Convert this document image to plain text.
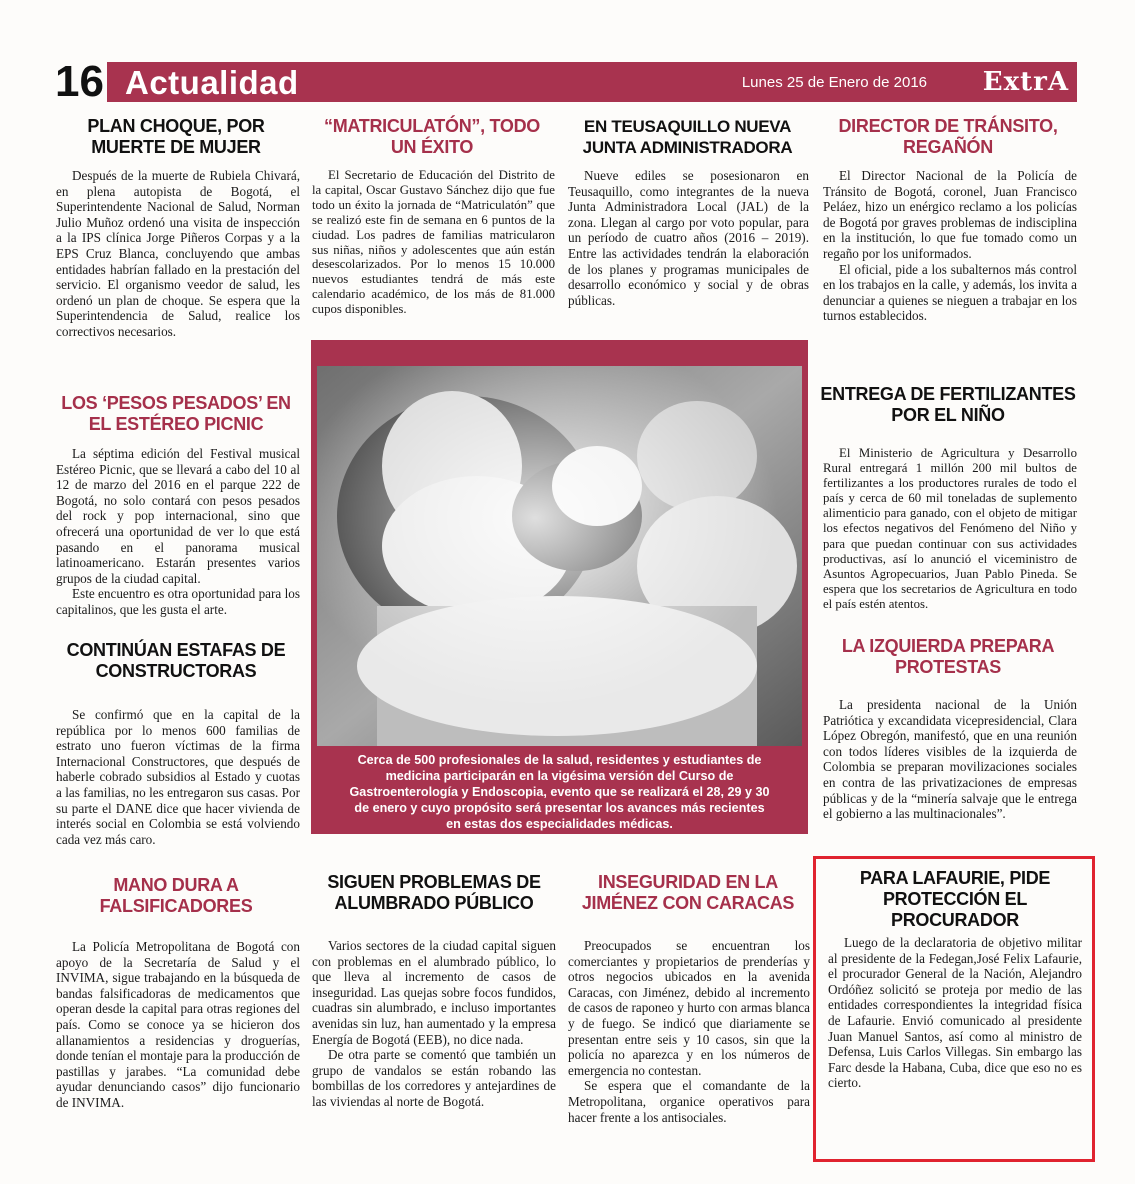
16 Actualidad	Lunes 25 de Enero de 2016 ExtrA
PLAN CHOQUE, POR MUERTE DE MUJER

Después de la muerte de Rubiela Chivará, en plena autopista de Bogotá, el Superintendente Nacional de Salud, Norman Julio Muñoz ordenó una visita de inspección a la IPS clínica Jorge Piñeros Corpas y a la EPS Cruz Blanca, concluyendo que ambas entidades habrían fallado en la prestación del servicio. El organismo veedor de salud, les ordenó un plan de choque. Se espera que la Superintendencia de Salud, realice los correctivos necesarios.

LOS ‘PESOS PESADOS’ EN EL ESTÉREO PICNIC

La séptima edición del Festival musical Estéreo Picnic, que se llevará a cabo del 10 al 12 de marzo del 2016 en el parque 222 de Bogotá, no solo contará con pesos pesados del rock y pop internacional, sino que ofrecerá una oportunidad de ver lo que está pasando en el panorama musical latinoamericano. Estarán presentes varios grupos de la ciudad capital.

Este encuentro es otra oportunidad para los capitalinos, que les gusta el arte.

CONTINÚAN ESTAFAS DE CONSTRUCTORAS

Se confirmó que en la capital de la república por lo menos 600 familias de estrato uno fueron víctimas de la firma Internacional Constructores, que después de haberle cobrado subsidios al Estado y cuotas a las familias, no les entregaron sus casas. Por su parte el DANE dice que hacer vivienda de interés social en Colombia se está volviendo cada vez más caro.

MANO DURA A FALSIFICADORES

La Policía Metropolitana de Bogotá con apoyo de la Secretaría de Salud y el INVIMA, sigue trabajando en la búsqueda de bandas falsificadoras de medicamentos que operan desde la capital para otras regiones del país. Como se conoce ya se hicieron dos allanamientos a residencias y droguerías, donde tenían el montaje para la producción de pastillas y jarabes. “La comunidad debe ayudar denunciando casos” dijo funcionario de INVIMA.

“MATRICULATÓN”, TODO UN ÉXITO

El Secretario de Educación del Distrito de la capital, Oscar Gustavo Sánchez dijo que fue todo un éxito la jornada de “Matriculatón” que se realizó este fin de semana en 6 puntos de la ciudad. Los padres de familias matricularon sus niñas, niños y adolescentes que aún están desescolarizados. Por lo menos 15 10.000 nuevos estudiantes tendrá de más este calendario académico, de los más de 81.000 cupos disponibles.

EN TEUSAQUILLO NUEVA JUNTA ADMINISTRADORA

Nueve ediles se posesionaron en Teusaquillo, como integrantes de la nueva Junta Administradora Local (JAL) de la zona. Llegan al cargo por voto popular, para un período de cuatro años (2016 – 2019). Entre las actividades tendrán la elaboración de los planes y programas municipales de desarrollo económico y social y de obras públicas.

Cerca de 500 profesionales de la salud, residentes y estudiantes de medicina participarán en la vigésima versión del Curso de Gastroenterología y Endoscopia, evento que se realizará el 28, 29 y 30 de enero y cuyo propósito será presentar los avances más recientes en estas dos especialidades médicas.
DIRECTOR DE TRÁNSITO, REGAÑÓN

El Director Nacional de la Policía de Tránsito de Bogotá, coronel, Juan Francisco Peláez, hizo un enérgico reclamo a los policías de Bogotá por graves problemas de indisciplina en la institución, lo que fue tomado como un regaño por los uniformados.

El oficial, pide a los subalternos más control en los trabajos en la calle, y además, los invita a denunciar a quienes se nieguen a trabajar en los turnos establecidos.

ENTREGA DE FERTILIZANTES POR EL NIÑO

El Ministerio de Agricultura y Desarrollo Rural entregará 1 millón 200 mil bultos de fertilizantes a los productores rurales de todo el país y cerca de 60 mil toneladas de suplemento alimenticio para ganado, con el objeto de mitigar los efectos negativos del Fenómeno del Niño y para que puedan continuar con sus actividades productivas, así lo anunció el viceministro de Asuntos Agropecuarios, Juan Pablo Pineda. Se espera que los secretarios de Agricultura en todo el país estén atentos.

LA IZQUIERDA PREPARA PROTESTAS

La presidenta nacional de la Unión Patriótica y excandidata vicepresidencial, Clara López Obregón, manifestó, que en una reunión con todos líderes visibles de la izquierda de Colombia se preparan movilizaciones sociales en contra de las privatizaciones de empresas públicas y de la “minería salvaje que le entrega el gobierno a las multinacionales”.

SIGUEN PROBLEMAS DE ALUMBRADO PÚBLICO

Varios sectores de la ciudad capital siguen con problemas en el alumbrado público, lo que lleva al incremento de casos de inseguridad. Las quejas sobre focos fundidos, cuadras sin alumbrado, e incluso importantes avenidas sin luz, han aumentado y la empresa Energía de Bogotá (EEB), no dice nada.

De otra parte se comentó que también un grupo de vandalos se están robando las bombillas de los corredores y antejardines de las viviendas al norte de Bogotá.

INSEGURIDAD EN LA JIMÉNEZ CON CARACAS

Preocupados se encuentran los comerciantes y propietarios de prenderías y otros negocios ubicados en la avenida Caracas, con Jiménez, debido al incremento de casos de raponeo y hurto con armas blanca y de fuego. Se indicó que diariamente se presentan entre seis y 10 casos, sin que la policía no aparezca y en los números de emergencia no contestan.

Se espera que el comandante de la Metropolitana, organice operativos para hacer frente a los antisociales.

PARA LAFAURIE, PIDE PROTECCIÓN EL PROCURADOR

Luego de la declaratoria de objetivo militar al presidente de la Fedegan,José Felix Lafaurie, el procurador General de la Nación, Alejandro Ordóñez solicitó se proteja por medio de las entidades correspondientes la integridad física de Lafaurie. Envió comunicado al presidente Juan Manuel Santos, así como al ministro de Defensa, Luis Carlos Villegas. Sin embargo las Farc desde la Habana, Cuba, dice que eso no es cierto.
